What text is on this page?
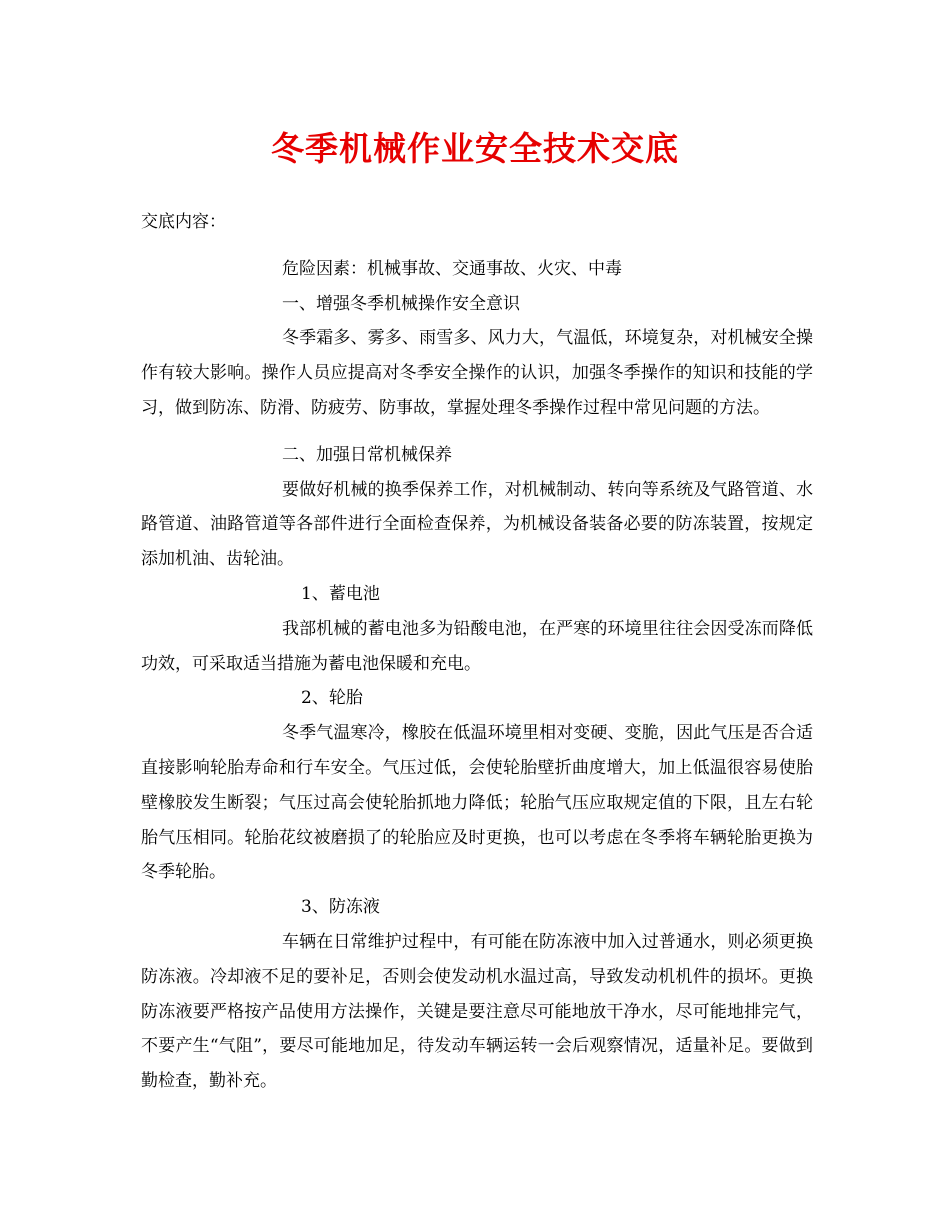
冬季机械作业安全技术交底

交底内容：

危险因素：机械事故、交通事故、火灾、中毒

一、增强冬季机械操作安全意识

冬季霜多、雾多、雨雪多、风力大，气温低，环境复杂，对机械安全操作有较大影响。操作人员应提高对冬季安全操作的认识，加强冬季操作的知识和技能的学习，做到防冻、防滑、防疲劳、防事故，掌握处理冬季操作过程中常见问题的方法。

二、加强日常机械保养

要做好机械的换季保养工作，对机械制动、转向等系统及气路管道、水路管道、油路管道等各部件进行全面检查保养，为机械设备装备必要的防冻装置，按规定添加机油、齿轮油。

1、蓄电池

我部机械的蓄电池多为铅酸电池，在严寒的环境里往往会因受冻而降低功效，可采取适当措施为蓄电池保暖和充电。

2、轮胎

冬季气温寒冷，橡胶在低温环境里相对变硬、变脆，因此气压是否合适直接影响轮胎寿命和行车安全。气压过低，会使轮胎壁折曲度增大，加上低温很容易使胎壁橡胶发生断裂；气压过高会使轮胎抓地力降低；轮胎气压应取规定值的下限，且左右轮胎气压相同。轮胎花纹被磨损了的轮胎应及时更换，也可以考虑在冬季将车辆轮胎更换为冬季轮胎。

3、防冻液

车辆在日常维护过程中，有可能在防冻液中加入过普通水，则必须更换防冻液。冷却液不足的要补足，否则会使发动机水温过高，导致发动机机件的损坏。更换防冻液要严格按产品使用方法操作，关键是要注意尽可能地放干净水，尽可能地排完气，不要产生“气阻”，要尽可能地加足，待发动车辆运转一会后观察情况，适量补足。要做到勤检查，勤补充。
